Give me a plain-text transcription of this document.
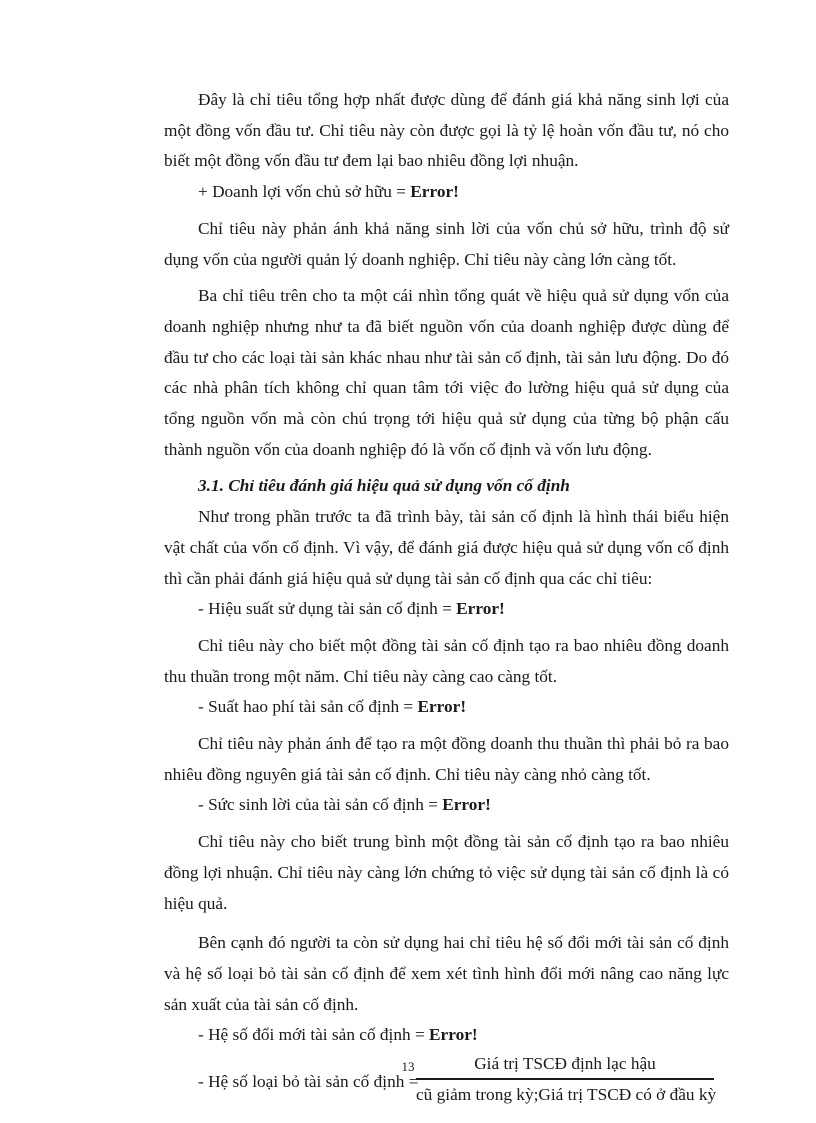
Đây là chỉ tiêu tổng hợp nhất được dùng để đánh giá khả năng sinh lợi của một đồng vốn đầu tư. Chỉ tiêu này còn được gọi là tỷ lệ hoàn vốn đầu tư, nó cho biết một đồng vốn đầu tư đem lại bao nhiêu đồng lợi nhuận.

+ Doanh lợi vốn chủ sở hữu = Error!

Chỉ tiêu này phản ánh khả năng sinh lời của vốn chủ sở hữu, trình độ sử dụng vốn của người quản lý doanh nghiệp. Chỉ tiêu này càng lớn càng tốt.

Ba chỉ tiêu trên cho ta một cái nhìn tổng quát về hiệu quả sử dụng vốn của doanh nghiệp nhưng như ta đã biết nguồn vốn của doanh nghiệp được dùng để đầu tư cho các loại tài sản khác nhau như tài sản cố định, tài sản lưu động. Do đó các nhà phân tích không chỉ quan tâm tới việc đo lường hiệu quả sử dụng của tổng nguồn vốn mà còn chú trọng tới hiệu quả sử dụng của từng bộ phận cấu thành nguồn vốn của doanh nghiệp đó là vốn cố định và vốn lưu động.

3.1. Chỉ tiêu đánh giá hiệu quả sử dụng vốn cố định

Như trong phần trước ta đã trình bày, tài sản cố định là hình thái biểu hiện vật chất của vốn cố định. Vì vậy, để đánh giá được hiệu quả sử dụng vốn cố định thì cần phải đánh giá hiệu quả sử dụng tài sản cố định qua các chỉ tiêu:

- Hiệu suất sử dụng tài sản cố định = Error!

Chỉ tiêu này cho biết một đồng tài sản cố định tạo ra bao nhiêu đồng doanh thu thuần trong một năm. Chỉ tiêu này càng cao càng tốt.

- Suất hao phí tài sản cố định = Error!

Chỉ tiêu này phản ánh để tạo ra một đồng doanh thu thuần thì phải bỏ ra bao nhiêu đồng nguyên giá tài sản cố định. Chỉ tiêu này càng nhỏ càng tốt.

- Sức sinh lời của tài sản cố định = Error!

Chỉ tiêu này cho biết trung bình một đồng tài sản cố định tạo ra bao nhiêu đồng lợi nhuận. Chỉ tiêu này càng lớn chứng tỏ việc sử dụng tài sản cố định là có hiệu quả.

Bên cạnh đó người ta còn sử dụng hai chỉ tiêu hệ số đổi mới tài sản cố định và hệ số loại bỏ tài sản cố định để xem xét tình hình đổi mới nâng cao năng lực sản xuất của tài sản cố định.

- Hệ số đổi mới tài sản cố định = Error!

- Hệ số loại bỏ tài sản cố định =
Giá trị TSCĐ định lạc hậu
cũ giảm trong kỳ;Giá trị TSCĐ có ở đầu kỳ
13
